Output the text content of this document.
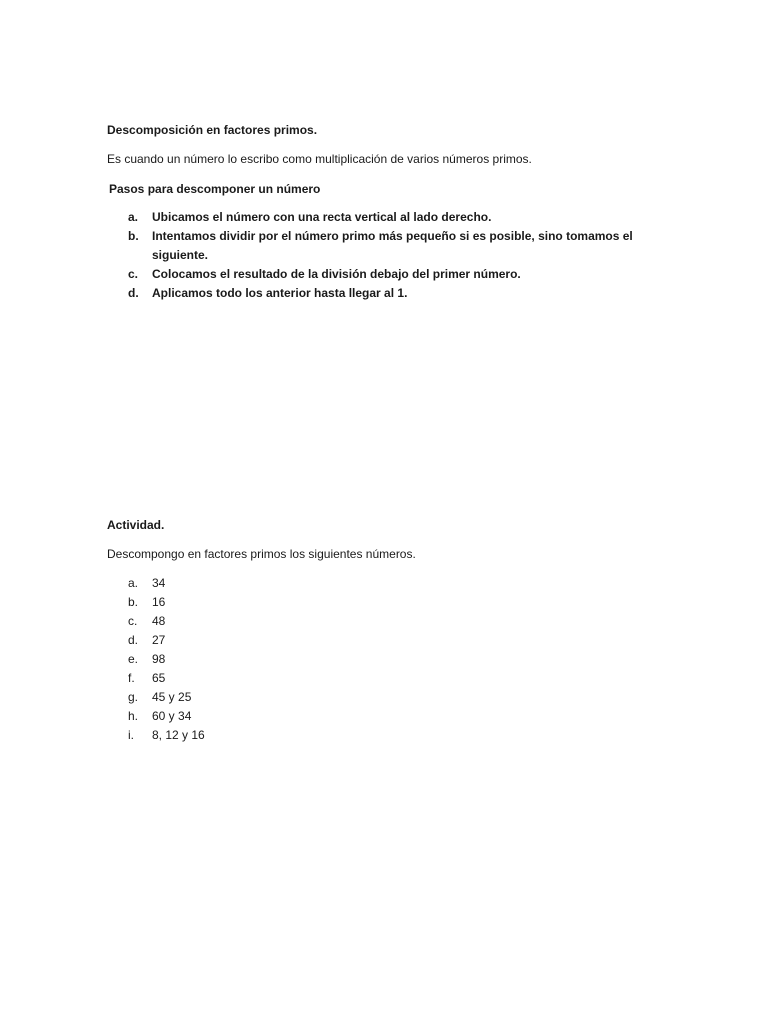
Descomposición en factores primos.
Es cuando un número lo escribo como multiplicación de varios números primos.
Pasos para descomponer un número
a.	Ubicamos el número con una recta vertical al lado derecho.
b.	Intentamos dividir por el número primo más pequeño si es posible, sino tomamos el siguiente.
c.	Colocamos el resultado de la división debajo del primer número.
d.	Aplicamos todo los anterior hasta llegar al 1.
Actividad.
Descompongo en factores primos los siguientes números.
a.	34
b.	16
c.	48
d.	27
e.	98
f.	65
g.	45 y 25
h.	60 y 34
i.	8, 12 y 16
